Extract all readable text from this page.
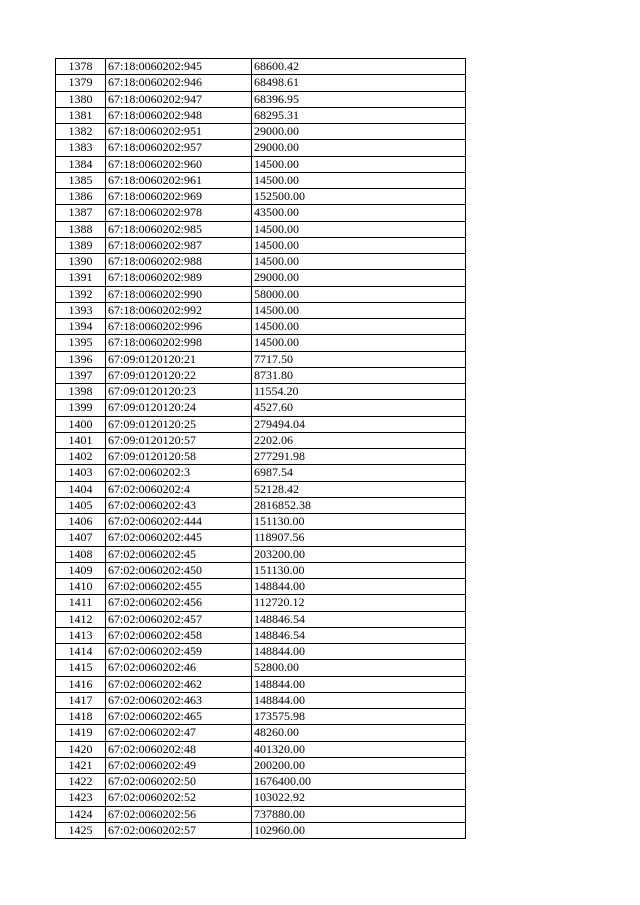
1378	67:18:0060202:945	68600.42
1379	67:18:0060202:946	68498.61
1380	67:18:0060202:947	68396.95
1381	67:18:0060202:948	68295.31
1382	67:18:0060202:951	29000.00
1383	67:18:0060202:957	29000.00
1384	67:18:0060202:960	14500.00
1385	67:18:0060202:961	14500.00
1386	67:18:0060202:969	152500.00
1387	67:18:0060202:978	43500.00
1388	67:18:0060202:985	14500.00
1389	67:18:0060202:987	14500.00
1390	67:18:0060202:988	14500.00
1391	67:18:0060202:989	29000.00
1392	67:18:0060202:990	58000.00
1393	67:18:0060202:992	14500.00
1394	67:18:0060202:996	14500.00
1395	67:18:0060202:998	14500.00
1396	67:09:0120120:21	7717.50
1397	67:09:0120120:22	8731.80
1398	67:09:0120120:23	11554.20
1399	67:09:0120120:24	4527.60
1400	67:09:0120120:25	279494.04
1401	67:09:0120120:57	2202.06
1402	67:09:0120120:58	277291.98
1403	67:02:0060202:3	6987.54
1404	67:02:0060202:4	52128.42
1405	67:02:0060202:43	2816852.38
1406	67:02:0060202:444	151130.00
1407	67:02:0060202:445	118907.56
1408	67:02:0060202:45	203200.00
1409	67:02:0060202:450	151130.00
1410	67:02:0060202:455	148844.00
1411	67:02:0060202:456	112720.12
1412	67:02:0060202:457	148846.54
1413	67:02:0060202:458	148846.54
1414	67:02:0060202:459	148844.00
1415	67:02:0060202:46	52800.00
1416	67:02:0060202:462	148844.00
1417	67:02:0060202:463	148844.00
1418	67:02:0060202:465	173575.98
1419	67:02:0060202:47	48260.00
1420	67:02:0060202:48	401320.00
1421	67:02:0060202:49	200200.00
1422	67:02:0060202:50	1676400.00
1423	67:02:0060202:52	103022.92
1424	67:02:0060202:56	737880.00
1425	67:02:0060202:57	102960.00
